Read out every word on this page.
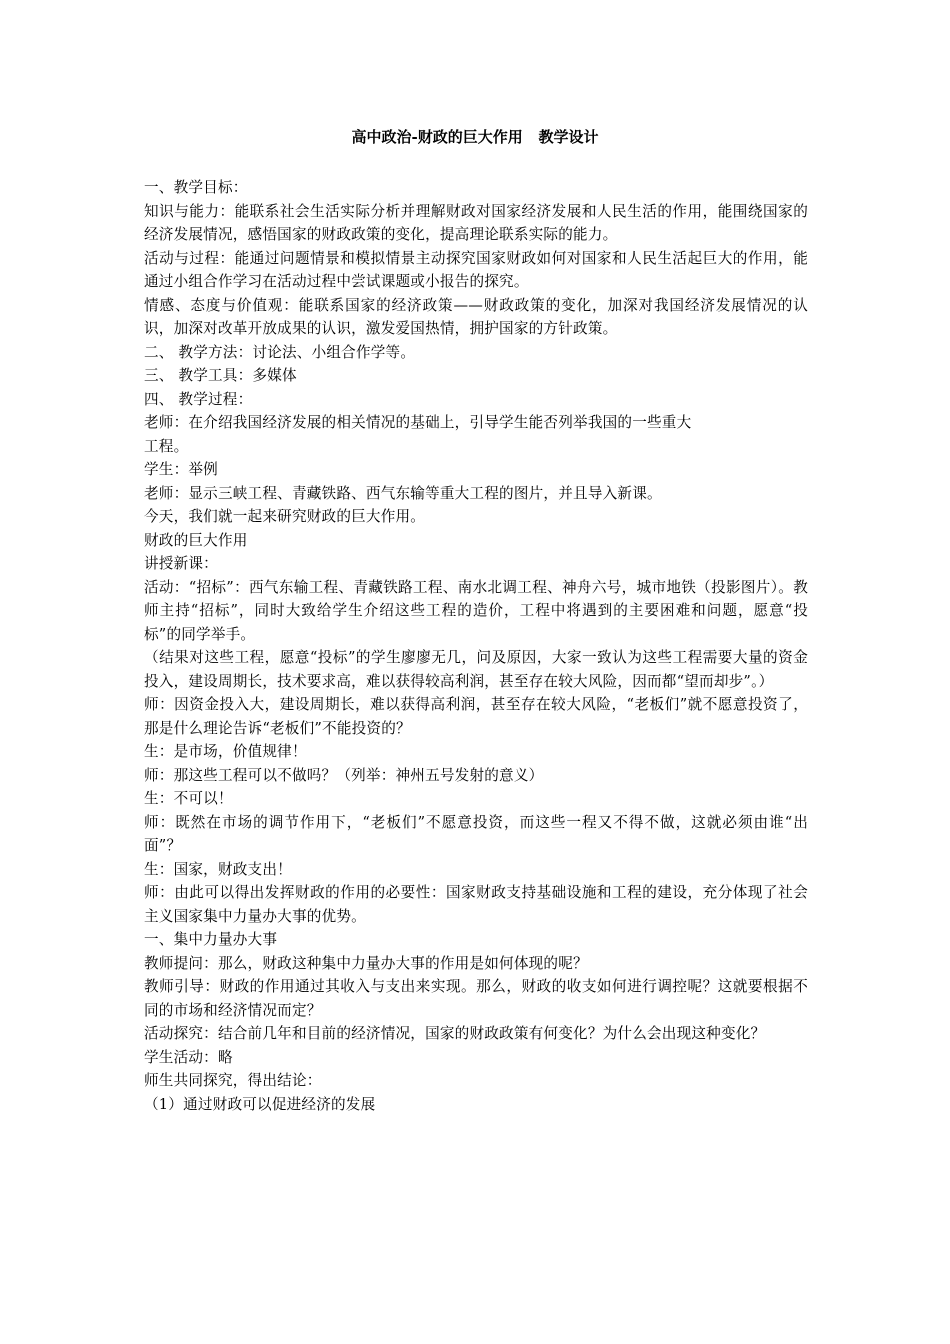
高中政治-财政的巨大作用   教学设计

一、教学目标：

知识与能力：能联系社会生活实际分析并理解财政对国家经济发展和人民生活的作用，能围绕国家的经济发展情况，感悟国家的财政政策的变化，提高理论联系实际的能力。

活动与过程：能通过问题情景和模拟情景主动探究国家财政如何对国家和人民生活起巨大的作用，能通过小组合作学习在活动过程中尝试课题或小报告的探究。

情感、态度与价值观：能联系国家的经济政策——财政政策的变化，加深对我国经济发展情况的认识，加深对改革开放成果的认识，激发爱国热情，拥护国家的方针政策。

二、 教学方法：讨论法、小组合作学等。

三、 教学工具：多媒体

四、 教学过程：

老师：在介绍我国经济发展的相关情况的基础上，引导学生能否列举我国的一些重大

工程。

学生：举例

老师：显示三峡工程、青藏铁路、西气东输等重大工程的图片，并且导入新课。

今天，我们就一起来研究财政的巨大作用。

财政的巨大作用

讲授新课：

活动：“招标”：西气东输工程、青藏铁路工程、南水北调工程、神舟六号，城市地铁（投影图片）。教师主持“招标”，同时大致给学生介绍这些工程的造价，工程中将遇到的主要困难和问题，愿意“投标”的同学举手。

（结果对这些工程，愿意“投标”的学生廖廖无几，问及原因，大家一致认为这些工程需要大量的资金投入，建设周期长，技术要求高，难以获得较高利润，甚至存在较大风险，因而都“望而却步”。）

师：因资金投入大，建设周期长，难以获得高利润，甚至存在较大风险，“老板们”就不愿意投资了，那是什么理论告诉“老板们”不能投资的？

生：是市场，价值规律！

师：那这些工程可以不做吗？（列举：神州五号发射的意义）

生：不可以！

师：既然在市场的调节作用下，“老板们”不愿意投资，而这些一程又不得不做，这就必须由谁“出面”？

生：国家，财政支出！

师：由此可以得出发挥财政的作用的必要性：国家财政支持基础设施和工程的建设，充分体现了社会主义国家集中力量办大事的优势。

一、集中力量办大事

教师提问：那么，财政这种集中力量办大事的作用是如何体现的呢？

教师引导：财政的作用通过其收入与支出来实现。那么，财政的收支如何进行调控呢？这就要根据不同的市场和经济情况而定？

活动探究：结合前几年和目前的经济情况，国家的财政政策有何变化？为什么会出现这种变化？

学生活动：略

师生共同探究，得出结论：

（1）通过财政可以促进经济的发展
